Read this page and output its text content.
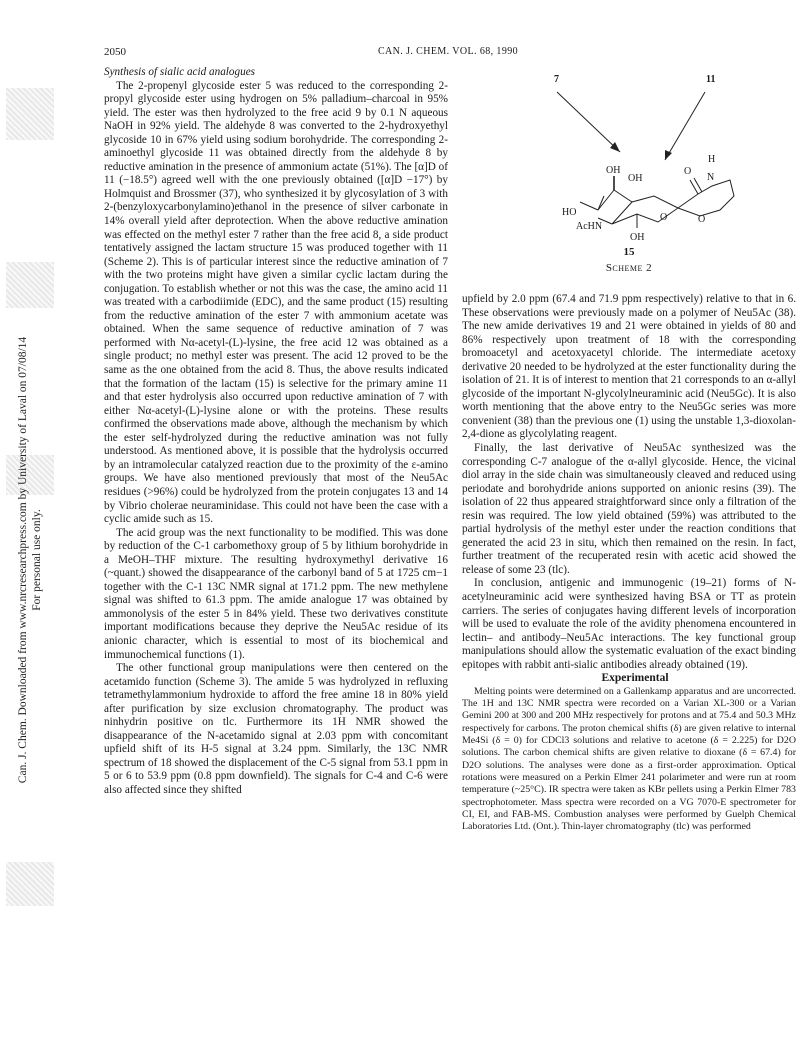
Can. J. Chem. Downloaded from www.nrcresearchpress.com by University of Laval on 07/08/14 For personal use only.
2050	CAN. J. CHEM. VOL. 68, 1990

Synthesis of sialic acid analogues

The 2-propenyl glycoside ester 5 was reduced to the corresponding 2-propyl glycoside ester using hydrogen on 5% palladium–charcoal in 95% yield. The ester was then hydrolyzed to the free acid 9 by 0.1 N aqueous NaOH in 92% yield. The aldehyde 8 was converted to the 2-hydroxyethyl glycoside 10 in 67% yield using sodium borohydride. The corresponding 2-aminoethyl glycoside 11 was obtained directly from the aldehyde 8 by reductive amination in the presence of ammonium actate (51%). The [α]D of 11 (−18.5°) agreed well with the one previously obtained ([α]D −17°) by Holmquist and Brossmer (37), who synthesized it by glycosylation of 3 with 2-(benzyloxycarbonylamino)ethanol in the presence of silver carbonate in 14% overall yield after deprotection. When the above reductive amination was effected on the methyl ester 7 rather than the free acid 8, a side product tentatively assigned the lactam structure 15 was produced together with 11 (Scheme 2). This is of particular interest since the reductive amination of 7 with the two proteins might have given a similar cyclic lactam during the conjugation. To establish whether or not this was the case, the amino acid 11 was treated with a carbodiimide (EDC), and the same product (15) resulting from the reductive amination of the ester 7 with ammonium acetate was obtained. When the same sequence of reductive amination of 7 was performed with Nα-acetyl-(L)-lysine, the free acid 12 was obtained as a single product; no methyl ester was present. The acid 12 proved to be the same as the one obtained from the acid 8. Thus, the above results indicated that the formation of the lactam (15) is selective for the primary amine 11 and that ester hydrolysis also occurred upon reductive amination of 7 with either Nα-acetyl-(L)-lysine alone or with the proteins. These results confirmed the observations made above, although the mechanism by which the ester self-hydrolyzed during the reductive amination was not fully understood. As mentioned above, it is possible that the hydrolysis occurred by an intramolecular catalyzed reaction due to the proximity of the ε-amino groups. We have also mentioned previously that most of the Neu5Ac residues (>96%) could be hydrolyzed from the protein conjugates 13 and 14 by Vibrio cholerae neuraminidase. This could not have been the case with a cyclic amide such as 15.

The acid group was the next functionality to be modified. This was done by reduction of the C-1 carbomethoxy group of 5 by lithium borohydride in a MeOH–THF mixture. The resulting hydroxymethyl derivative 16 (~quant.) showed the disappearance of the carbonyl band of 5 at 1725 cm−1 together with the C-1 13C NMR signal at 171.2 ppm. The new methylene signal was shifted to 61.3 ppm. The amide analogue 17 was obtained by ammonolysis of the ester 5 in 84% yield. These two derivatives constitute important modifications because they deprive the Neu5Ac residue of its anionic character, which is essential to most of its biochemical and immunochemical functions (1).

The other functional group manipulations were then centered on the acetamido function (Scheme 3). The amide 5 was hydrolyzed in refluxing tetramethylammonium hydroxide to afford the free amine 18 in 80% yield after purification by size exclusion chromatography. The product was ninhydrin positive on tlc. Furthermore its 1H NMR showed the disappearance of the N-acetamido signal at 2.03 ppm with concomitant upfield shift of its H-5 signal at 3.24 ppm. Similarly, the 13C NMR spectrum of 18 showed the displacement of the C-5 signal from 53.1 ppm in 5 or 6 to 53.9 ppm (0.8 ppm downfield). The signals for C-4 and C-6 were also affected since they shifted

7	11
OH
OH
HO
AcHN
OH
O
O
H
N
O
15
Scheme 2

upfield by 2.0 ppm (67.4 and 71.9 ppm respectively) relative to that in 6. These observations were previously made on a polymer of Neu5Ac (38). The new amide derivatives 19 and 21 were obtained in yields of 80 and 86% respectively upon treatment of 18 with the corresponding bromoacetyl and acetoxyacetyl chloride. The intermediate acetoxy derivative 20 needed to be hydrolyzed at the ester functionality during the isolation of 21. It is of interest to mention that 21 corresponds to an α-allyl glycoside of the important N-glycolylneuraminic acid (Neu5Gc). It is also worth mentioning that the above entry to the Neu5Gc series was more convenient (38) than the previous one (1) using the unstable 1,3-dioxolan-2,4-dione as glycolylating reagent.

Finally, the last derivative of Neu5Ac synthesized was the corresponding C-7 analogue of the α-allyl glycoside. Hence, the vicinal diol array in the side chain was simultaneously cleaved and reduced using periodate and borohydride anions supported on anionic resins (39). The isolation of 22 thus appeared straightforward since only a filtration of the resin was required. The low yield obtained (59%) was attributed to the partial hydrolysis of the methyl ester under the reaction conditions that generated the acid 23 in situ, which then remained on the resin. In fact, further treatment of the recuperated resin with acetic acid showed the release of some 23 (tlc).

In conclusion, antigenic and immunogenic (19–21) forms of N-acetylneuraminic acid were synthesized having BSA or TT as protein carriers. The series of conjugates having different levels of incorporation will be used to evaluate the role of the avidity phenomena encountered in lectin– and antibody–Neu5Ac interactions. The key functional group manipulations should allow the systematic evaluation of the exact binding epitopes with rabbit anti-sialic antibodies already obtained (19).

Experimental

Melting points were determined on a Gallenkamp apparatus and are uncorrected. The 1H and 13C NMR spectra were recorded on a Varian XL-300 or a Varian Gemini 200 at 300 and 200 MHz respectively for protons and at 75.4 and 50.3 MHz respectively for carbons. The proton chemical shifts (δ) are given relative to internal Me4Si (δ = 0) for CDCl3 solutions and relative to acetone (δ = 2.225) for D2O solutions. The carbon chemical shifts are given relative to dioxane (δ = 67.4) for D2O solutions. The analyses were done as a first-order approximation. Optical rotations were measured on a Perkin Elmer 241 polarimeter and were run at room temperature (~25°C). IR spectra were taken as KBr pellets using a Perkin Elmer 783 spectrophotometer. Mass spectra were recorded on a VG 7070-E spectrometer for CI, EI, and FAB-MS. Combustion analyses were performed by Guelph Chemical Laboratories Ltd. (Ont.). Thin-layer chromatography (tlc) was performed
